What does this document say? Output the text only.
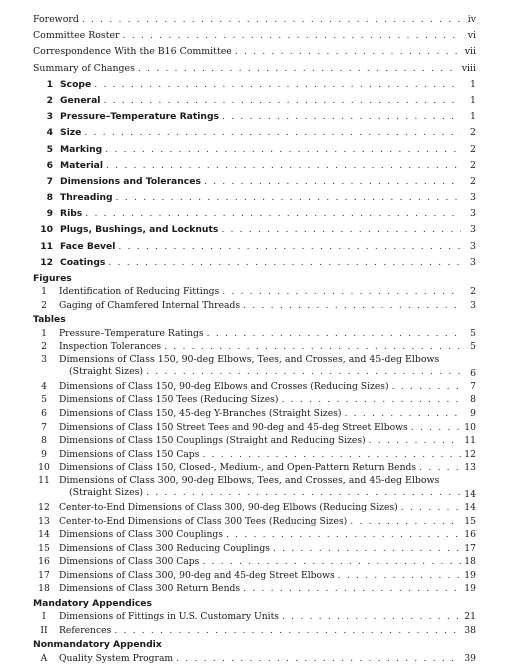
Foreword . . .	iv
Committee Roster . . .	vi
Correspondence With the B16 Committee . . .	vii
Summary of Changes . . .	viii
1 Scope . . .	1
2 General . . .	1
3 Pressure–Temperature Ratings . . .	1
4 Size . . .	2
5 Marking . . .	2
6 Material . . .	2
7 Dimensions and Tolerances . . .	2
8 Threading . . .	3
9 Ribs . . .	3
10 Plugs, Bushings, and Locknuts . . .	3
11 Face Bevel . . .	3
12 Coatings . . .	3
Figures
1	Identification of Reducing Fittings . . .	2
2	Gaging of Chamfered Internal Threads . . .	3
Tables
1	Pressure–Temperature Ratings . . .	5
2	Inspection Tolerances . . .	5
3	Dimensions of Class 150, 90-deg Elbows, Tees, and Crosses, and 45-deg Elbows
(Straight Sizes) . . .	6
4	Dimensions of Class 150, 90-deg Elbows and Crosses (Reducing Sizes) . . .	7
5	Dimensions of Class 150 Tees (Reducing Sizes) . . .	8
6	Dimensions of Class 150, 45-deg Y-Branches (Straight Sizes) . . .	9
7	Dimensions of Class 150 Street Tees and 90-deg and 45-deg Street Elbows . . .	10
8	Dimensions of Class 150 Couplings (Straight and Reducing Sizes) . . .	11
9	Dimensions of Class 150 Caps . . .	12
10 Dimensions of Class 150, Closed-, Medium-, and Open-Pattern Return Bends . . .	13
11 Dimensions of Class 300, 90-deg Elbows, Tees, and Crosses, and 45-deg Elbows
(Straight Sizes) . . .	14
12 Center-to-End Dimensions of Class 300, 90-deg Elbows (Reducing Sizes) . . .	14
13 Center-to-End Dimensions of Class 300 Tees (Reducing Sizes) . . .	15
14 Dimensions of Class 300 Couplings . . .	16
15 Dimensions of Class 300 Reducing Couplings . . .	17
16 Dimensions of Class 300 Caps . . .	18
17 Dimensions of Class 300, 90-deg and 45-deg Street Elbows . . .	19
18 Dimensions of Class 300 Return Bends . . .	19
Mandatory Appendices
I	Dimensions of Fittings in U.S. Customary Units . . .	21
II	References . . .	38
Nonmandatory Appendix
A	Quality System Program . . .	39
